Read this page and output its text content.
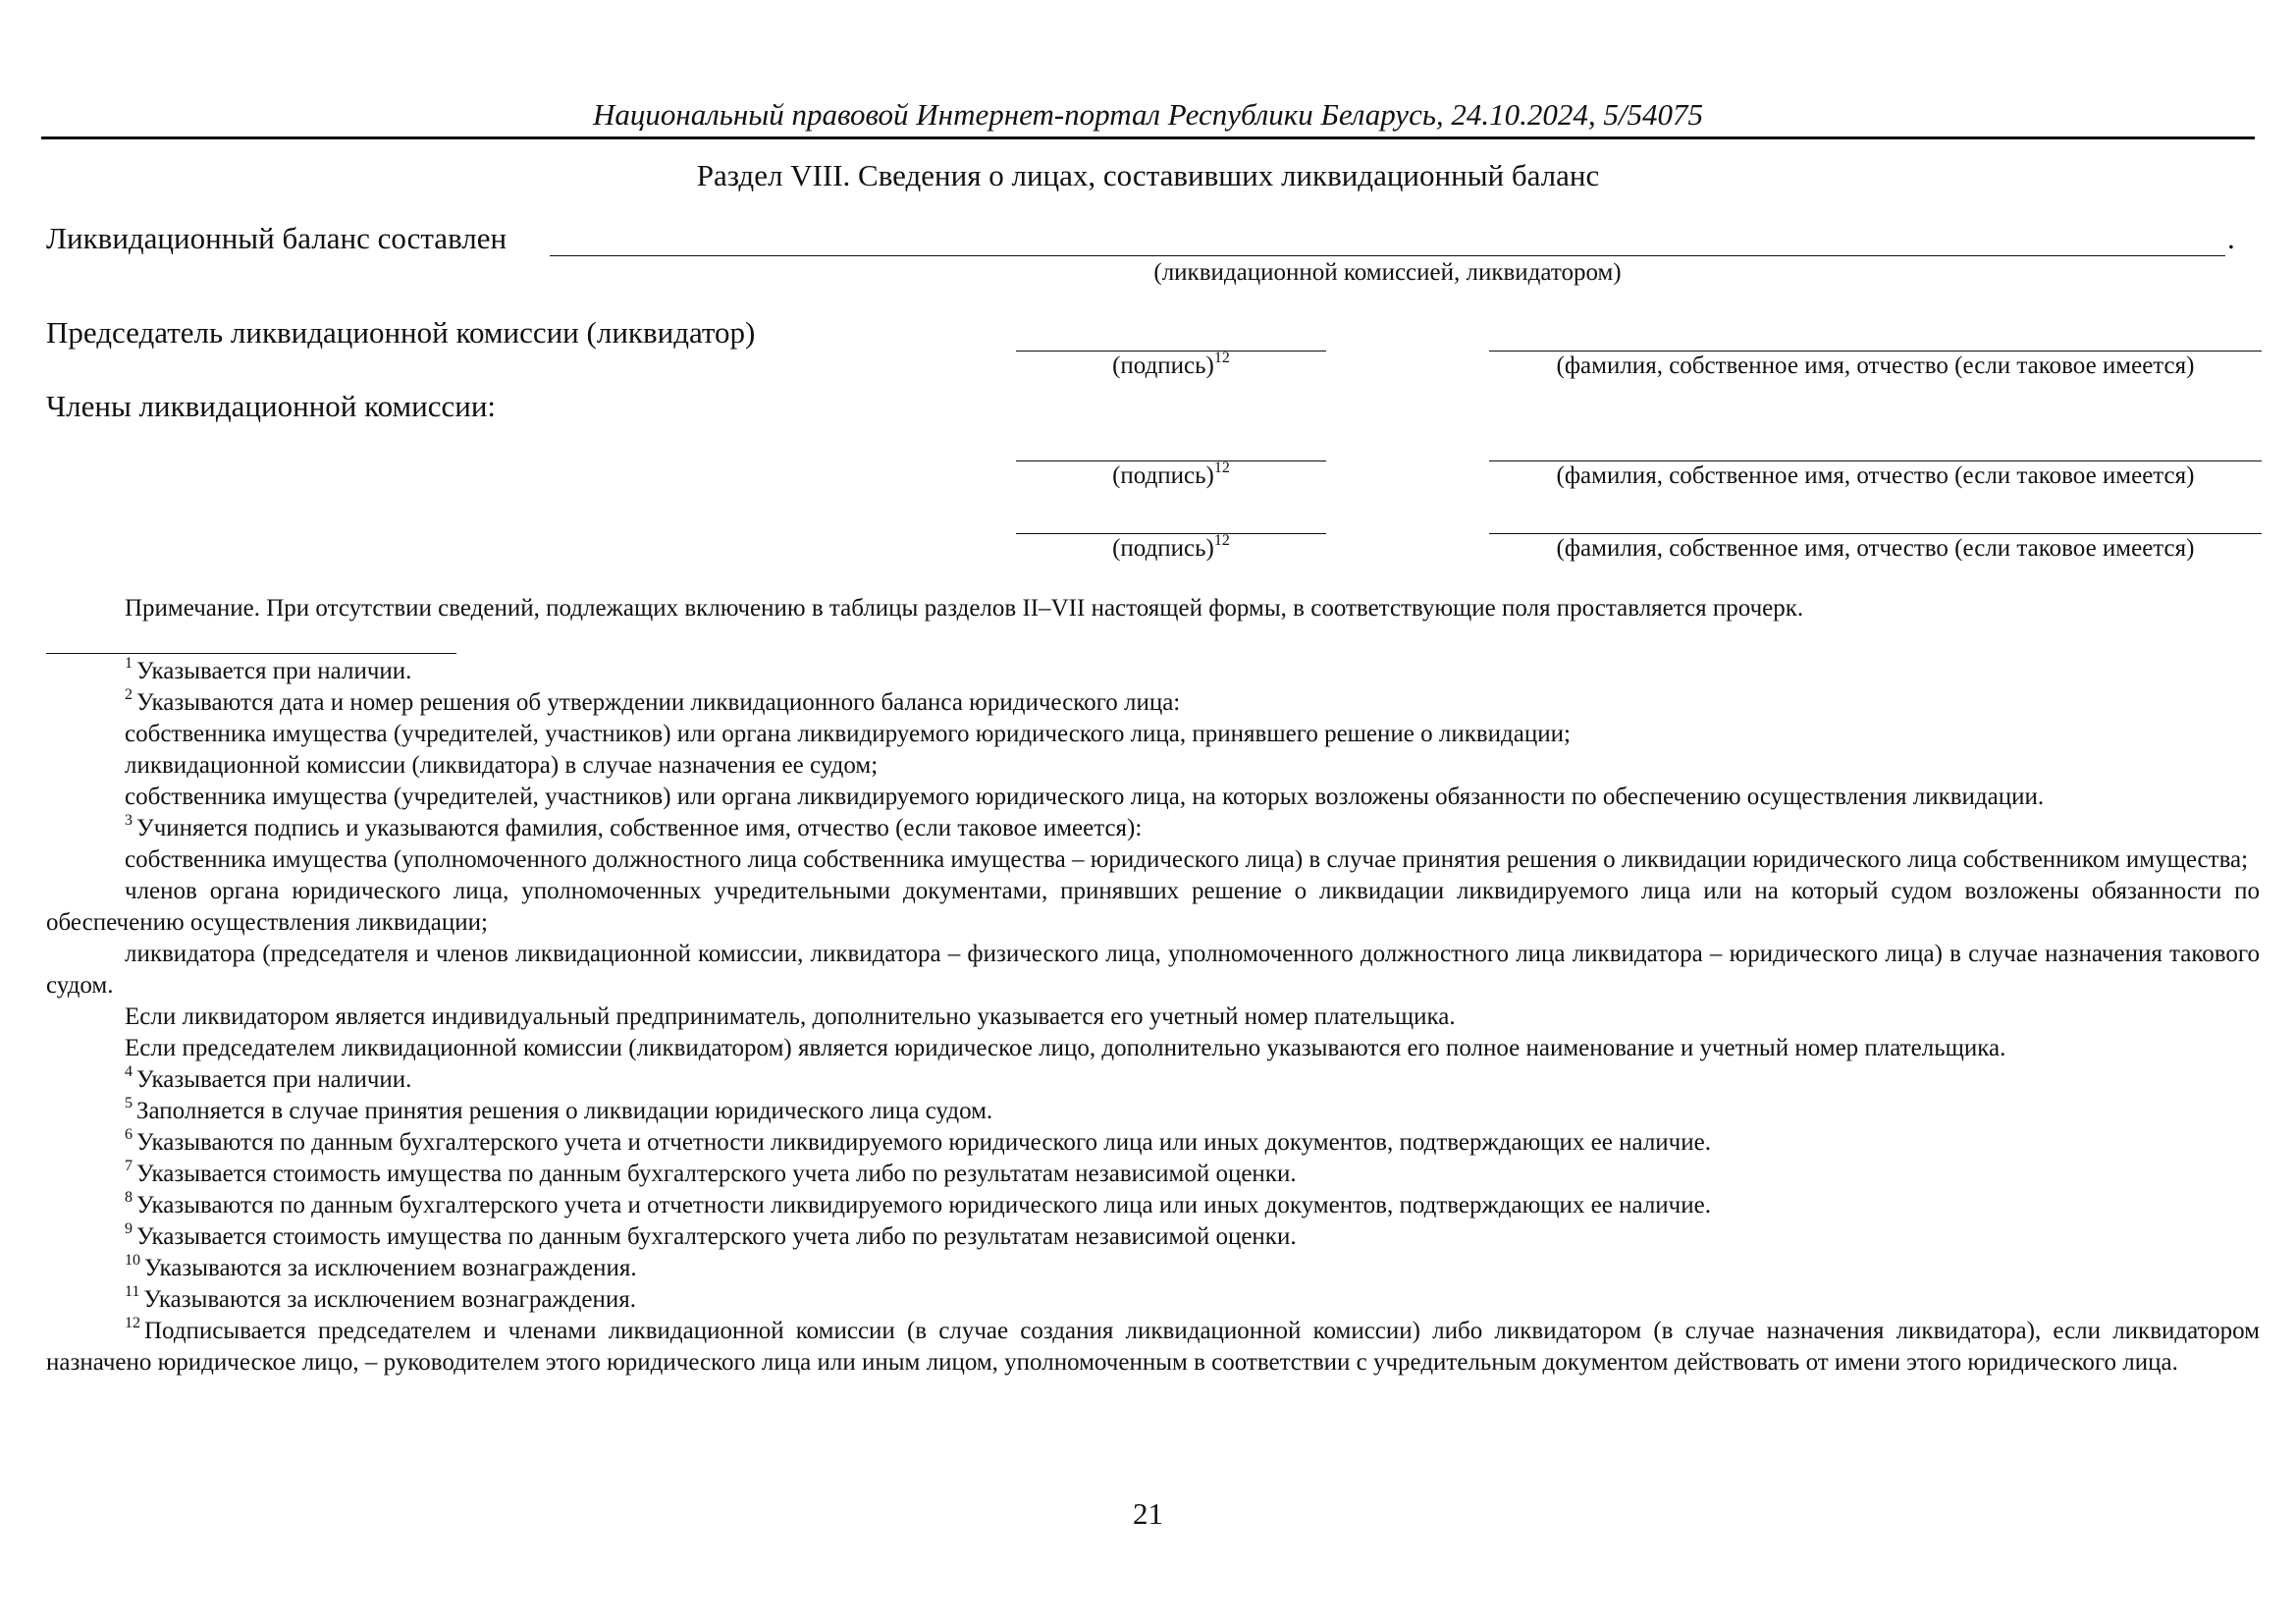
Национальный правовой Интернет-портал Республики Беларусь, 24.10.2024, 5/54075
Раздел VIII. Сведения о лицах, составивших ликвидационный баланс
Ликвидационный баланс составлен	.
(ликвидационной комиссией, ликвидатором)
Председатель ликвидационной комиссии (ликвидатор)
(подпись)$^{12}$	(фамилия, собственное имя, отчество (если таковое имеется)
Члены ликвидационной комиссии:
(подпись)$^{12}$	(фамилия, собственное имя, отчество (если таковое имеется)
(подпись)$^{12}$	(фамилия, собственное имя, отчество (если таковое имеется)
Примечание. При отсутствии сведений, подлежащих включению в таблицы разделов II–VII настоящей формы, в соответствующие поля проставляется прочерк.

$^1$ Указывается при наличии.

$^2$ Указываются дата и номер решения об утверждении ликвидационного баланса юридического лица:

собственника имущества (учредителей, участников) или органа ликвидируемого юридического лица, принявшего решение о ликвидации;

ликвидационной комиссии (ликвидатора) в случае назначения ее судом;

собственника имущества (учредителей, участников) или органа ликвидируемого юридического лица, на которых возложены обязанности по обеспечению осуществления ликвидации.

$^3$ Учиняется подпись и указываются фамилия, собственное имя, отчество (если таковое имеется):

собственника имущества (уполномоченного должностного лица собственника имущества – юридического лица) в случае принятия решения о ликвидации юридического лица собственником имущества;

членов органа юридического лица, уполномоченных учредительными документами, принявших решение о ликвидации ликвидируемого лица или на который судом возложены обязанности по обеспечению осуществления ликвидации;

ликвидатора (председателя и членов ликвидационной комиссии, ликвидатора – физического лица, уполномоченного должностного лица ликвидатора – юридического лица) в случае назначения такового судом.

Если ликвидатором является индивидуальный предприниматель, дополнительно указывается его учетный номер плательщика.

Если председателем ликвидационной комиссии (ликвидатором) является юридическое лицо, дополнительно указываются его полное наименование и учетный номер плательщика.

$^4$ Указывается при наличии.

$^5$ Заполняется в случае принятия решения о ликвидации юридического лица судом.

$^6$ Указываются по данным бухгалтерского учета и отчетности ликвидируемого юридического лица или иных документов, подтверждающих ее наличие.

$^7$ Указывается стоимость имущества по данным бухгалтерского учета либо по результатам независимой оценки.

$^8$ Указываются по данным бухгалтерского учета и отчетности ликвидируемого юридического лица или иных документов, подтверждающих ее наличие.

$^9$ Указывается стоимость имущества по данным бухгалтерского учета либо по результатам независимой оценки.

$^{10}$ Указываются за исключением вознаграждения.

$^{11}$ Указываются за исключением вознаграждения.

$^{12}$ Подписывается председателем и членами ликвидационной комиссии (в случае создания ликвидационной комиссии) либо ликвидатором (в случае назначения ликвидатора), если ликвидатором назначено юридическое лицо, – руководителем этого юридического лица или иным лицом, уполномоченным в соответствии с учредительным документом действовать от имени этого юридического лица.

21
